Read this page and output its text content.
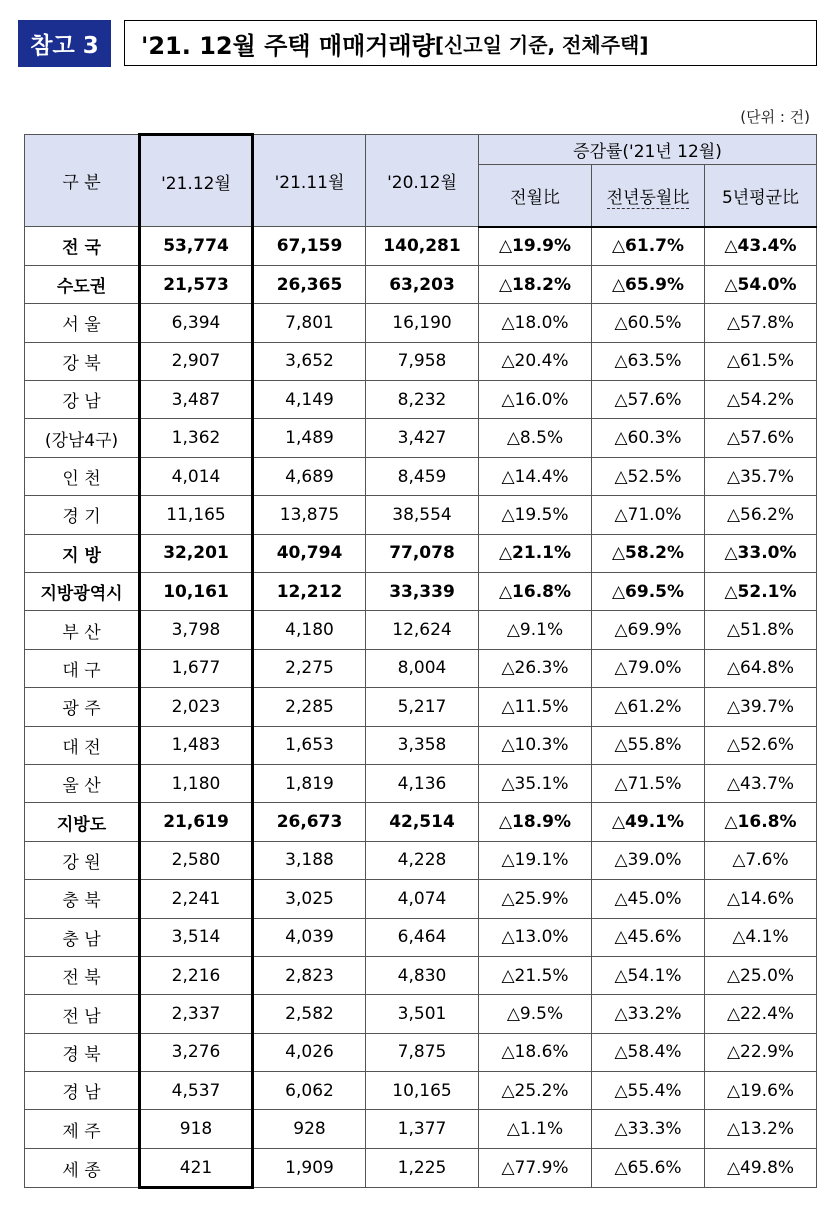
참고 3	'21. 12월 주택 매매거래량 [신고일 기준, 전체주택]
(단위 : 건)
구 분	'21.12월	'21.11월	'20.12월	증감률('21년 12월)		
				전월比	전년동월比	5년평균比
전 국	53,774	67,159	140,281	△19.9%	△61.7%	△43.4%
수도권	21,573	26,365	63,203	△18.2%	△65.9%	△54.0%
서 울	6,394	7,801	16,190	△18.0%	△60.5%	△57.8%
강 북	2,907	3,652	7,958	△20.4%	△63.5%	△61.5%
강 남	3,487	4,149	8,232	△16.0%	△57.6%	△54.2%
(강남4구)	1,362	1,489	3,427	△8.5%	△60.3%	△57.6%
인 천	4,014	4,689	8,459	△14.4%	△52.5%	△35.7%
경 기	11,165	13,875	38,554	△19.5%	△71.0%	△56.2%
지 방	32,201	40,794	77,078	△21.1%	△58.2%	△33.0%
지방광역시	10,161	12,212	33,339	△16.8%	△69.5%	△52.1%
부 산	3,798	4,180	12,624	△9.1%	△69.9%	△51.8%
대 구	1,677	2,275	8,004	△26.3%	△79.0%	△64.8%
광 주	2,023	2,285	5,217	△11.5%	△61.2%	△39.7%
대 전	1,483	1,653	3,358	△10.3%	△55.8%	△52.6%
울 산	1,180	1,819	4,136	△35.1%	△71.5%	△43.7%
지방도	21,619	26,673	42,514	△18.9%	△49.1%	△16.8%
강 원	2,580	3,188	4,228	△19.1%	△39.0%	△7.6%
충 북	2,241	3,025	4,074	△25.9%	△45.0%	△14.6%
충 남	3,514	4,039	6,464	△13.0%	△45.6%	△4.1%
전 북	2,216	2,823	4,830	△21.5%	△54.1%	△25.0%
전 남	2,337	2,582	3,501	△9.5%	△33.2%	△22.4%
경 북	3,276	4,026	7,875	△18.6%	△58.4%	△22.9%
경 남	4,537	6,062	10,165	△25.2%	△55.4%	△19.6%
제 주	918	928	1,377	△1.1%	△33.3%	△13.2%
세 종	421	1,909	1,225	△77.9%	△65.6%	△49.8%
